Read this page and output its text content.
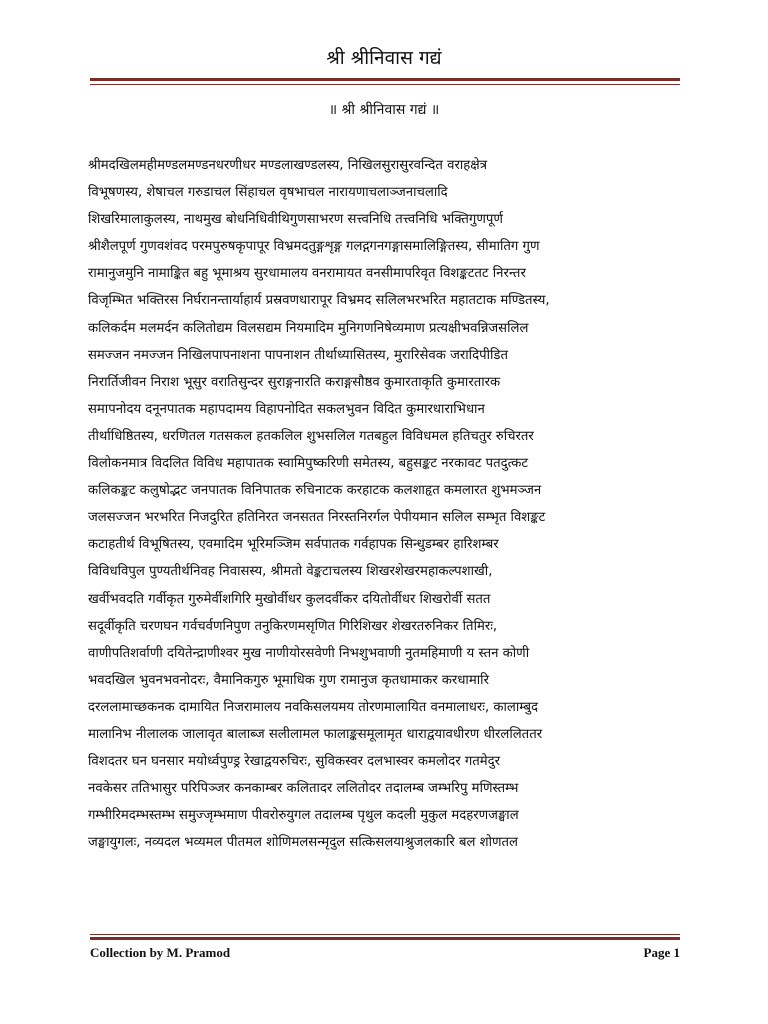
श्री श्रीनिवास गद्यं
॥ श्री श्रीनिवास गद्यं ॥
श्रीमदखिलमहीमण्डलमण्डनधरणीधर मण्डलाखण्डलस्य, निखिलसुरासुरवन्दित वराहक्षेत्र
विभूषणस्य, शेषाचल गरुडाचल सिंहाचल वृषभाचल नारायणाचलाञ्जनाचलादि
शिखरिमालाकुलस्य, नाथमुख बोधनिधिवीथिगुणसाभरण सत्त्वनिधि तत्त्वनिधि भक्तिगुणपूर्ण
श्रीशैलपूर्ण गुणवशंवद परमपुरुषकृपापूर विभ्रमदतुङ्गशृङ्ग गलद्गगनगङ्गासमालिङ्गितस्य, सीमातिग गुण
रामानुजमुनि नामाङ्कित बहु भूमाश्रय सुरधामालय वनरामायत वनसीमापरिवृत विशङ्कटतट निरन्तर
विजृम्भित भक्तिरस निर्घरानन्तार्याहार्य प्रस्रवणधारापूर विभ्रमद सलिलभरभरित महातटाक मण्डितस्य,
कलिकर्दम मलमर्दन कलितोद्यम विलसद्यम नियमादिम मुनिगणनिषेव्यमाण प्रत्यक्षीभवन्निजसलिल
समज्जन नमज्जन निखिलपापनाशना पापनाशन तीर्थाध्यासितस्य, मुरारिसेवक जरादिपीडित
निरार्तिजीवन निराश भूसुर वरातिसुन्दर सुराङ्गनारति कराङ्गसौष्ठव कुमारताकृति कुमारतारक
समापनोदय दनूनपातक महापदामय विहापनोदित सकलभुवन विदित कुमारधाराभिधान
तीर्थाधिष्ठितस्य, धरणितल गतसकल हतकलिल शुभसलिल गतबहुल विविधमल हतिचतुर रुचिरतर
विलोकनमात्र विदलित विविध महापातक स्वामिपुष्करिणी समेतस्य, बहुसङ्कट नरकावट पतदुत्कट
कलिकङ्कट कलुषोद्भट जनपातक विनिपातक रुचिनाटक करहाटक कलशाहृत कमलारत शुभमञ्जन
जलसज्जन भरभरित निजदुरित हतिनिरत जनसतत निरस्तनिरर्गल पेपीयमान सलिल सम्भृत विशङ्कट
कटाहतीर्थ विभूषितस्य, एवमादिम भूरिमञ्जिम सर्वपातक गर्वहापक सिन्धुडम्बर हारिशम्बर
विविधविपुल पुण्यतीर्थनिवह निवासस्य, श्रीमतो वेङ्कटाचलस्य शिखरशेखरमहाकल्पशाखी,
खर्वीभवदति गर्वीकृत गुरुमेर्वीशगिरि मुखोर्वीधर कुलदर्वीकर दयितोर्वीधर शिखरोर्वी सतत
सदूर्वीकृति चरणघन गर्वचर्वणनिपुण तनुकिरणमसृणित गिरिशिखर शेखरतरुनिकर तिमिरः,
वाणीपतिशर्वाणी दयितेन्द्राणीश्वर मुख नाणीयोरसवेणी निभशुभवाणी नुतमहिमाणी य स्तन कोणी
भवदखिल भुवनभवनोदरः, वैमानिकगुरु भूमाधिक गुण रामानुज कृतधामाकर करधामारि
दरललामाच्छकनक दामायित निजरामालय नवकिसलयमय तोरणमालायित वनमालाधरः, कालाम्बुद
मालानिभ नीलालक जालावृत बालाब्ज सलीलामल फालाङ्कसमूलामृत धाराद्वयावधीरण धीरललिततर
विशदतर घन घनसार मयोर्ध्वपुण्ड्र रेखाद्वयरुचिरः, सुविकस्वर दलभास्वर कमलोदर गतमेदुर
नवकेसर ततिभासुर परिपिञ्जर कनकाम्बर कलितादर ललितोदर तदालम्ब जम्भरिपु मणिस्तम्भ
गम्भीरिमदम्भस्तम्भ समुज्जृम्भमाण पीवरोरुयुगल तदालम्ब पृथुल कदली मुकुल मदहरणजङ्घाल
जङ्घायुगलः, नव्यदल भव्यमल पीतमल शोणिमलसन्मृदुल सत्किसलयाश्रुजलकारि बल शोणतल
Collection by M. Pramod	Page 1
